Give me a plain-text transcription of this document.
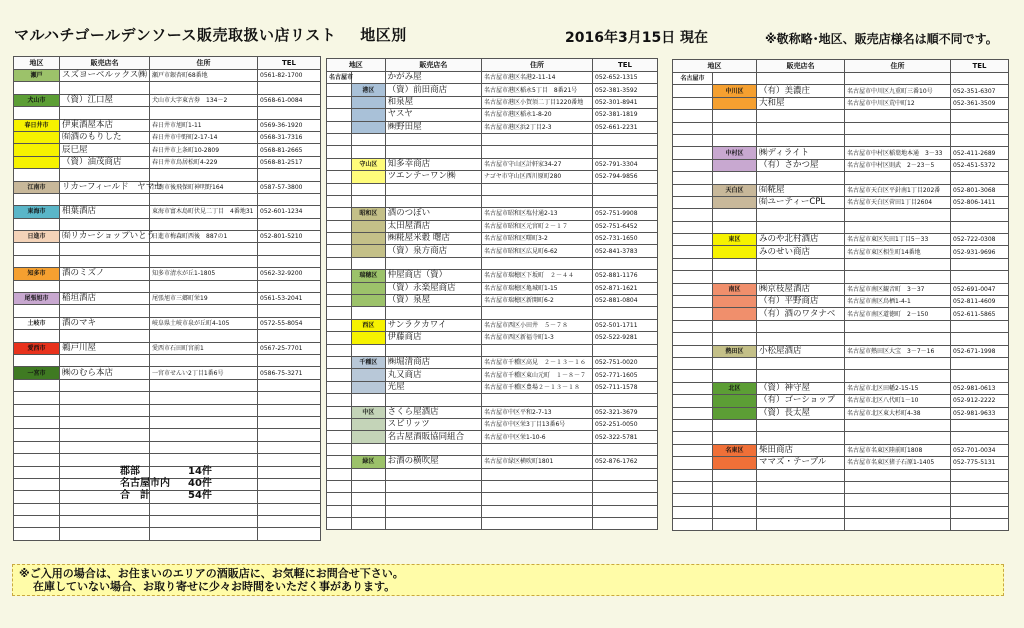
マルハチゴールデンソース販売取扱い店リスト 地区別	2016年3月15日 現在	※敬称略･地区、販売店様名は順不同です。
地区	販売店名	住所	TEL
瀬戸	スズヨーベルックス㈱	瀬戸市銀杏町68番地	0561-82-1700

犬山市	（資）江口屋	犬山市大字東古券　134－2	0568-61-0084

春日井市	伊東酒屋本店	春日井市旭町1-11	0569-36-1920
	㈲酒のもりした	春日井市中野町2-17-14	0568-31-7316
	辰巳屋	春日井市上条町10-2809	0568-81-2665
	（資）油茂商店	春日井市鳥居松町4-229	0568-81-2517

江南市	リカーフィールド　ヤマセ	江南市後飛保町神明野164	0587-57-3800

東海市	相葉酒店	東海市富木島町伏見二丁目　4番地31	052-601-1234

日進市	㈲リカーショップいとう	日進市梅森町西後　887の1	052-801-5210

知多市	酒のミズノ	知多市清水が丘1-1805	0562-32-9200

尾張旭市	稲垣酒店	尾張旭市三郷町栄19	0561-53-2041

土岐市	酒のマキ	岐阜県土岐市泉が丘町4-105	0572-55-8054

愛西市	鵜戸川屋	愛西市石田町宮前1	0567-25-7701

一宮市	㈱のむら本店	一宮市せんい2丁目1番6号	0586-75-3271

地区		販売店名	住所	TEL
名古屋市		かがみ屋	名古屋市港区名港2-11-14	052-652-1315
	港区	（資）前田商店	名古屋市港区稲永5丁目　8番21号	052-381-3592
		和泉屋	名古屋市港区小賀須二丁目1220番地	052-301-8941
		ヤスヤ	名古屋市港区稲永1-8-20	052-381-1819
		㈱野田屋	名古屋市港区浜2丁目2-3	052-661-2231

	守山区	知多幸商店	名古屋市守山区計軒家34-27	052-791-3304
		ツエンテーワン㈱	ナゴヤ市守山区西川原町280	052-794-9856

	昭和区	酒のつぼい	名古屋市昭和区塩付通2-13	052-751-9908
		太田屋酒店	名古屋市昭和区元宮町２－１７	052-751-6452
		㈱糀屋米穀 曙店	名古屋市昭和区曙町3-2	052-731-1650
		（資）泉方商店	名古屋市昭和区広見町6-62	052-841-3783

	瑞穂区	仲屋商店（資）	名古屋市瑞穂区下坂町　２－４４	052-881-1176
		（資）永楽屋商店	名古屋市瑞穂区亀城町1-15	052-871-1621
		（資）泉屋	名古屋市瑞穂区新開町6-2	052-881-0804

	西区	サンラクカワイ	名古屋市西区小田井　５－７８	052-501-1711
		伊藤商店	名古屋市西区新福寺町1-3	052-522-9281

	千種区	㈱堀清商店	名古屋市千種区高見　２－１３－１６	052-751-0020
		丸又商店	名古屋市千種区東山元町　１－８－７	052-771-1605
		光屋	名古屋市千種区豊場２－１３－１８	052-711-1578

	中区	さくら屋酒店	名古屋市中区平和2-7-13	052-321-3679
		スピリッツ	名古屋市中区栄3丁目13番6号	052-251-0050
		名古屋酒販協同組合	名古屋市中区栄1-10-6	052-322-5781

	緑区	お酒の横吹屋	名古屋市緑区横吹町1801	052-876-1762

地区		販売店名	住所	TEL
名古屋市				
	中川区	（有）美濃庄	名古屋市中川区九重町三番10号	052-351-6307
		大和屋	名古屋市中川区荒中町12	052-361-3509

	中村区	㈱ディライト	名古屋市中村区稲葉地本通　3－33	052-411-2689
		（有）さかつ屋	名古屋市中村区則武　2－23－5	052-451-5372

	天白区	㈲糀屋	名古屋市天白区平針南1丁目202番	052-801-3068
		㈲ユーティーCPL	名古屋市天白区菅田1丁目2604	052-806-1411

	東区	みのや北村酒店	名古屋市東区矢田1丁目5－33	052-722-0308
		みのせい商店	名古屋市東区相生町14番地	052-931-9696

	南区	㈱京枝屋酒店	名古屋市南区観音町　3－37	052-691-0047
		（有）平野商店	名古屋市南区鳥栖1-4-1	052-811-4609
		（有）酒のワタナベ	名古屋市南区道徳町　2－150	052-611-5865

	熱田区	小松屋酒店	名古屋市熱田区大宝　3－7－16	052-671-1998

	北区	（資）神守屋	名古屋市北区田幡2-15-15	052-981-0613
		（有）ゴーショップ	名古屋市北区八代町1－10	052-912-2222
		（資）長太屋	名古屋市北区東大杉町4-38	052-981-9633

	名東区	柴田商店	名古屋市名東区陸前町1808	052-701-0034
		ママズ・テーブル	名古屋市名東区猪子石原1-1405	052-775-5131

郡部	14件
名古屋市内 40件
合　計	54件
※ご入用の場合は、お住まいのエリアの酒販店に、お気軽にお問合せ下さい。
在庫していない場合、お取り寄せに少々お時間をいただく事があります。
